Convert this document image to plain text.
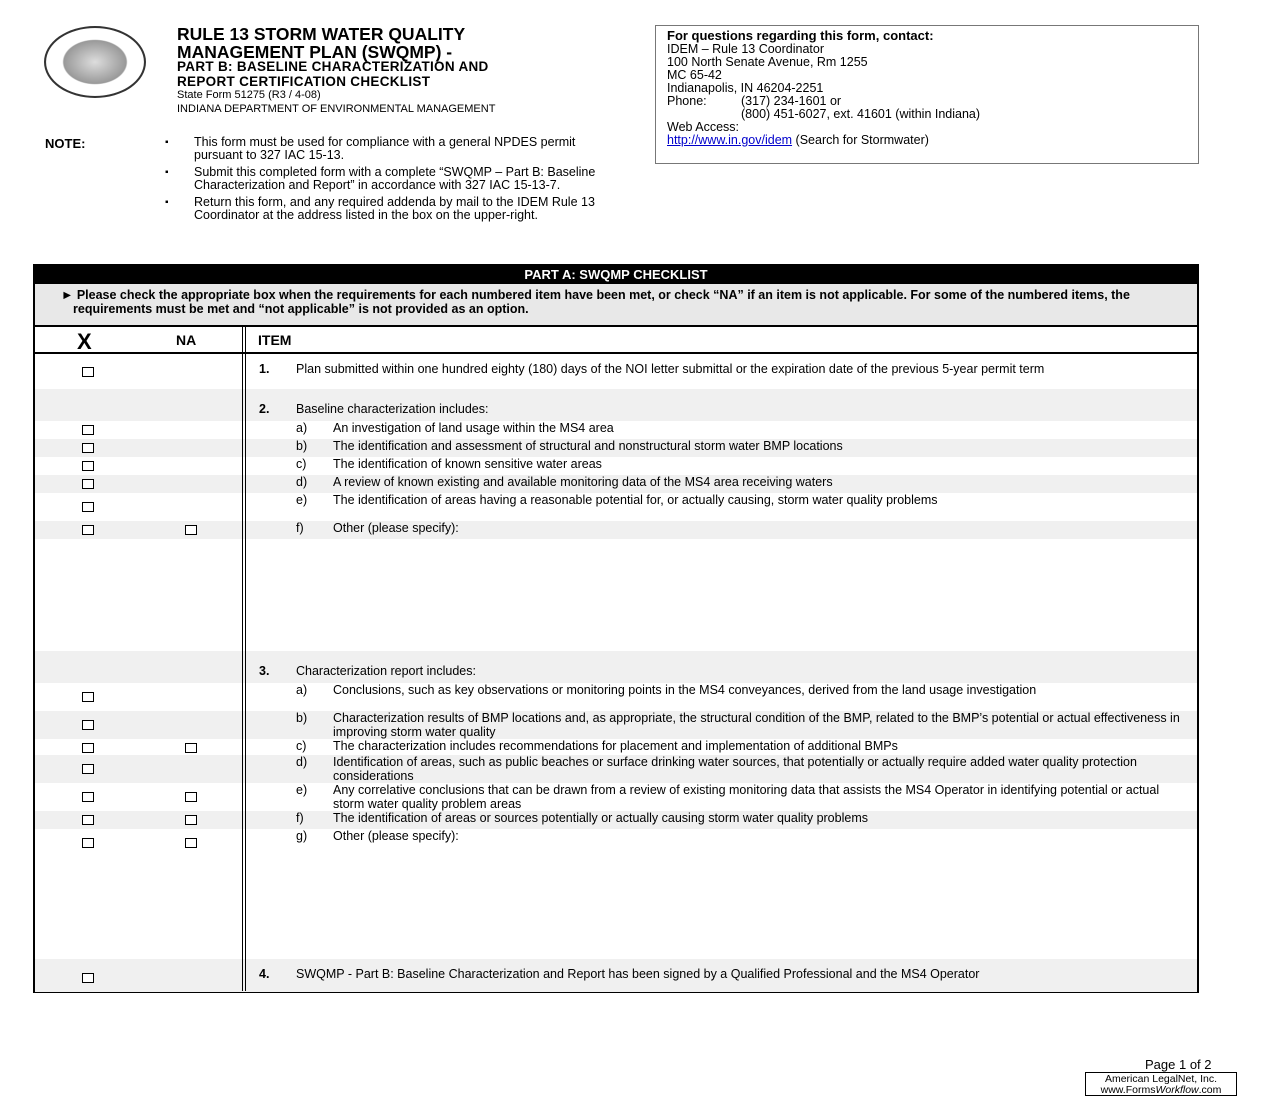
RULE 13 STORM WATER QUALITY
MANAGEMENT PLAN (SWQMP) -
PART B: BASELINE CHARACTERIZATION AND
REPORT CERTIFICATION CHECKLIST
State Form 51275 (R3 / 4-08)
INDIANA DEPARTMENT OF ENVIRONMENTAL MANAGEMENT
NOTE:	▪ This form must be used for compliance with a general NPDES permit pursuant to 327 IAC 15-13.
▪ Submit this completed form with a complete “SWQMP – Part B: Baseline Characterization and Report” in accordance with 327 IAC 15-13-7.
▪ Return this form, and any required addenda by mail to the IDEM Rule 13 Coordinator at the address listed in the box on the upper-right.
For questions regarding this form, contact:
IDEM – Rule 13 Coordinator
100 North Senate Avenue, Rm 1255
MC 65-42
Indianapolis, IN 46204-2251
Phone:	(317) 234-1601 or
(800) 451-6027, ext. 41601 (within Indiana)
Web Access:
http://www.in.gov/idem (Search for Stormwater)
PART A: SWQMP CHECKLIST
► Please check the appropriate box when the requirements for each numbered item have been met, or check “NA” if an item is not applicable. For some of the numbered items, the requirements must be met and “not applicable” is not provided as an option.
X	NA	ITEM
1. Plan submitted within one hundred eighty (180) days of the NOI letter submittal or the expiration date of the previous 5-year permit term
2. Baseline characterization includes:
a) An investigation of land usage within the MS4 area
b) The identification and assessment of structural and nonstructural storm water BMP locations
c) The identification of known sensitive water areas
d) A review of known existing and available monitoring data of the MS4 area receiving waters
e) The identification of areas having a reasonable potential for, or actually causing, storm water quality problems
f) Other (please specify):
3. Characterization report includes:
a) Conclusions, such as key observations or monitoring points in the MS4 conveyances, derived from the land usage investigation
b) Characterization results of BMP locations and, as appropriate, the structural condition of the BMP, related to the BMP’s potential or actual effectiveness in improving storm water quality
c) The characterization includes recommendations for placement and implementation of additional BMPs
d) Identification of areas, such as public beaches or surface drinking water sources, that potentially or actually require added water quality protection considerations
e) Any correlative conclusions that can be drawn from a review of existing monitoring data that assists the MS4 Operator in identifying potential or actual storm water quality problem areas
f) The identification of areas or sources potentially or actually causing storm water quality problems
g) Other (please specify):
4. SWQMP - Part B: Baseline Characterization and Report has been signed by a Qualified Professional and the MS4 Operator
Page 1 of 2
American LegalNet, Inc.
www.FormsWorkflow.com
